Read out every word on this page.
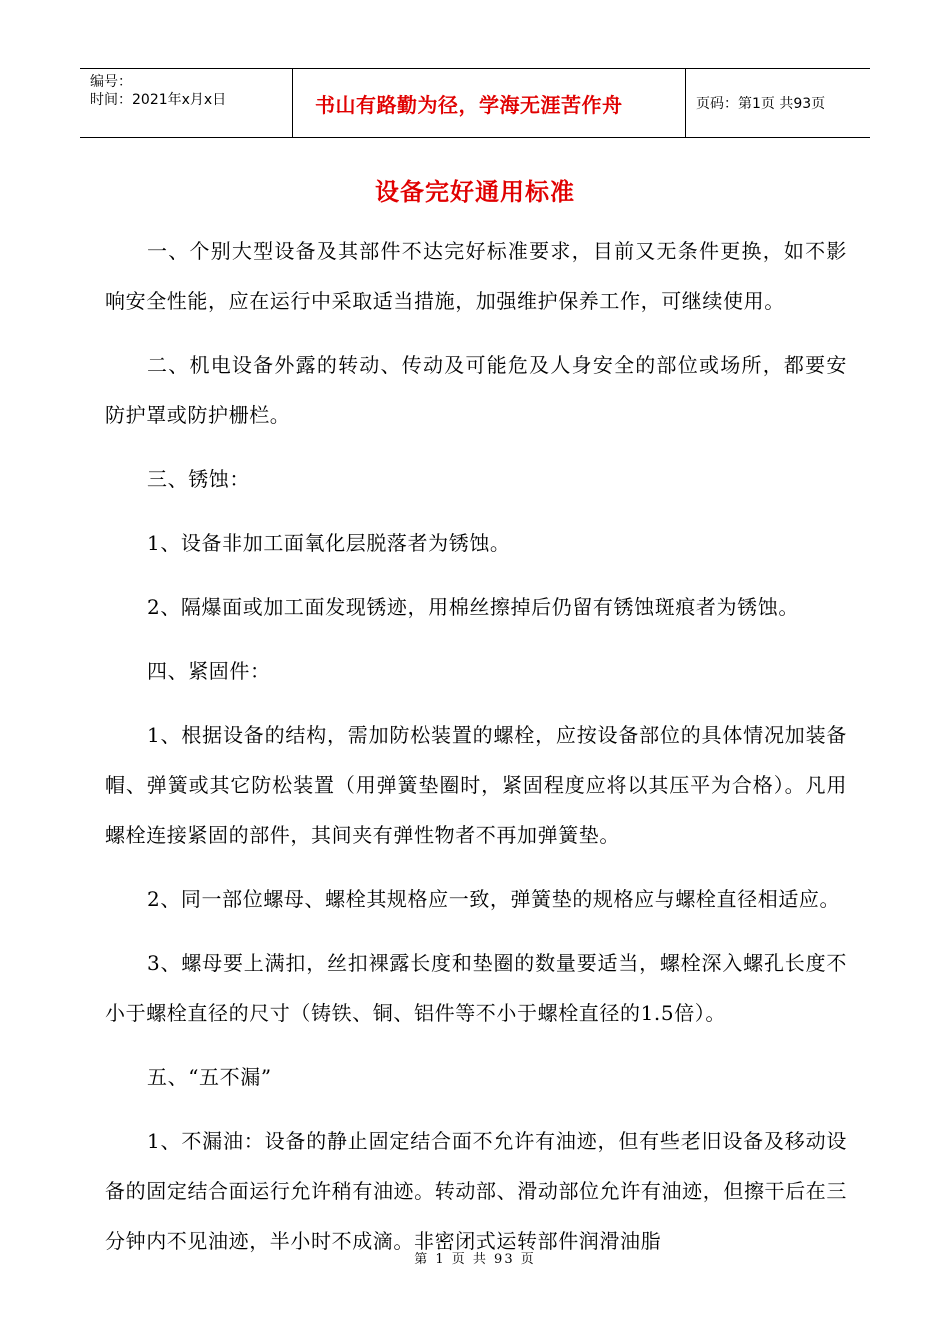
编号：
时间：2021年x月x日	书山有路勤为径，学海无涯苦作舟	页码：第1页 共93页
设备完好通用标准

一、个别大型设备及其部件不达完好标准要求，目前又无条件更换，如不影响安全性能，应在运行中采取适当措施，加强维护保养工作，可继续使用。

二、机电设备外露的转动、传动及可能危及人身安全的部位或场所，都要安防护罩或防护栅栏。

三、锈蚀：

1、设备非加工面氧化层脱落者为锈蚀。

2、隔爆面或加工面发现锈迹，用棉丝擦掉后仍留有锈蚀斑痕者为锈蚀。

四、紧固件：

1、根据设备的结构，需加防松装置的螺栓，应按设备部位的具体情况加装备帽、弹簧或其它防松装置（用弹簧垫圈时，紧固程度应将以其压平为合格）。凡用螺栓连接紧固的部件，其间夹有弹性物者不再加弹簧垫。

2、同一部位螺母、螺栓其规格应一致，弹簧垫的规格应与螺栓直径相适应。

3、螺母要上满扣，丝扣裸露长度和垫圈的数量要适当，螺栓深入螺孔长度不小于螺栓直径的尺寸（铸铁、铜、铝件等不小于螺栓直径的1.5倍）。

五、“五不漏”

1、不漏油：设备的静止固定结合面不允许有油迹，但有些老旧设备及移动设备的固定结合面运行允许稍有油迹。转动部、滑动部位允许有油迹，但擦干后在三分钟内不见油迹，半小时不成滴。非密闭式运转部件润滑油脂

第 1 页 共 93 页
